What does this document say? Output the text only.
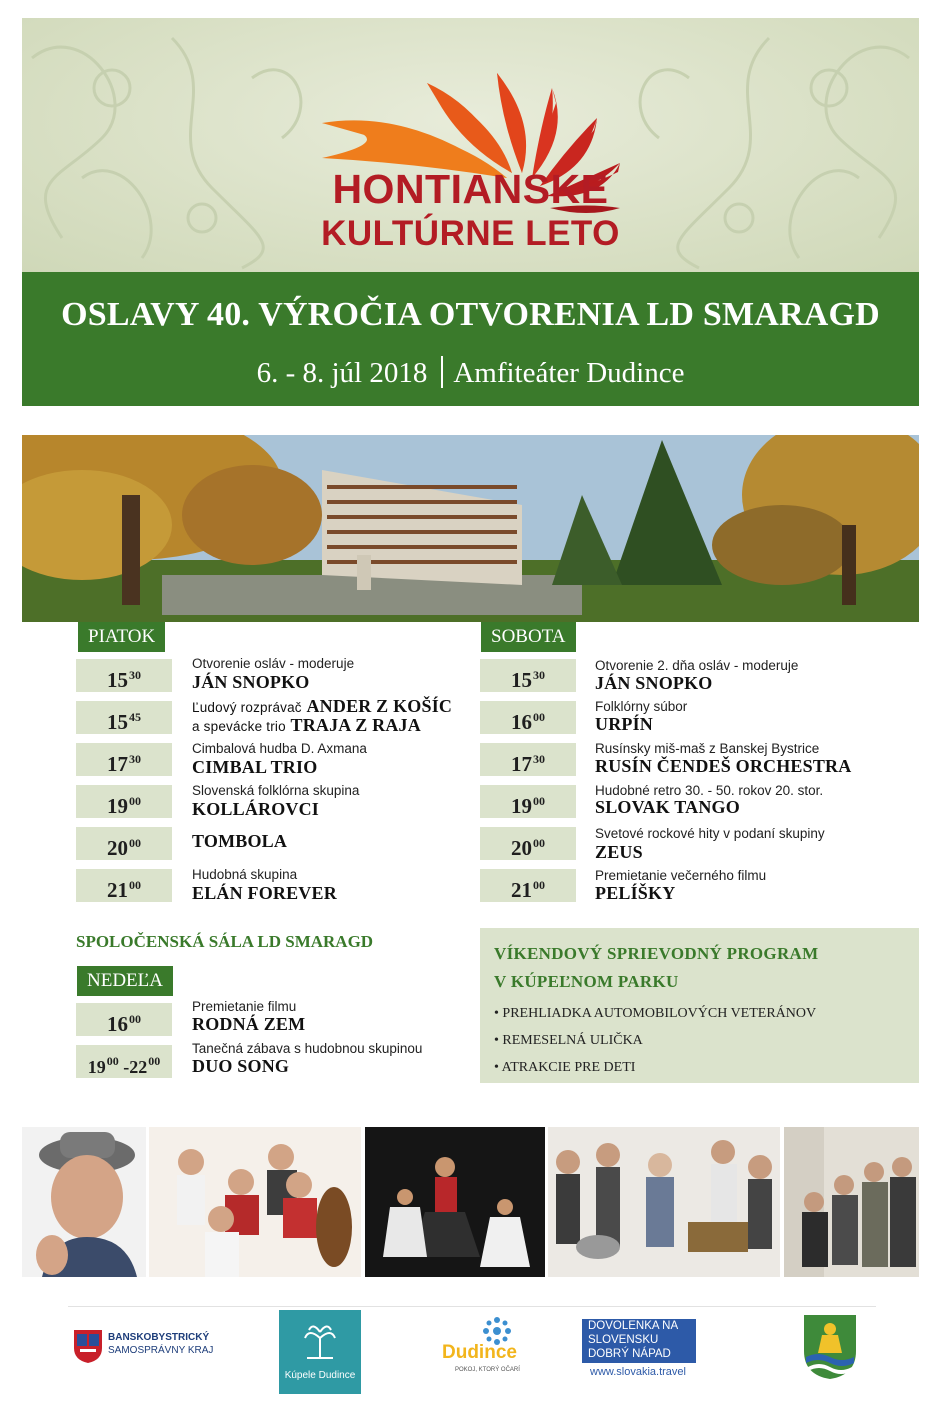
HONTIANSKE
KULTÚRNE LETO
OSLAVY 40. VÝROČIA OTVORENIA LD SMARAGD
6. - 8. júl 2018 Amfiteáter Dudince
PIATOK
$15^{30}$
Otvorenie osláv - moderuje
JÁN SNOPKO
$15^{45}$
Ľudový rozprávač ANDER Z KOŠÍC
a spevácke trio TRAJA Z RAJA
$17^{30}$
Cimbalová hudba D. Axmana
CIMBAL TRIO
$19^{00}$
Slovenská folklórna skupina
KOLLÁROVCI
$20^{00}$	TOMBOLA
$21^{00}$
Hudobná skupina
ELÁN FOREVER
SOBOTA
$15^{30}$
Otvorenie 2. dňa osláv - moderuje
JÁN SNOPKO
$16^{00}$
Folklórny súbor
URPÍN
$17^{30}$
Rusínsky miš-maš z Banskej Bystrice
RUSÍN ČENDEŠ ORCHESTRA
$19^{00}$
Hudobné retro 30. - 50. rokov 20. stor.
SLOVAK TANGO
$20^{00}$
Svetové rockové hity v podaní skupiny
ZEUS
$21^{00}$
Premietanie večerného filmu
PELÍŠKY
SPOLOČENSKÁ SÁLA LD SMARAGD
NEDEĽA
$16^{00}$
Premietanie filmu
RODNÁ ZEM
$19^{00}$ $-22^{00}$
Tanečná zábava s hudobnou skupinou
DUO SONG
VÍKENDOVÝ SPRIEVODNÝ PROGRAM
V KÚPEĽNOM PARKU
• PREHLIADKA AUTOMOBILOVÝCH VETERÁNOV
• REMESELNÁ ULIČKA
• ATRAKCIE PRE DETI
BANSKOBYSTRICKÝ
SAMOSPRÁVNY KRAJ
Kúpele Dudince
Dudince
POKOJ, KTORÝ OČARÍ
DOVOLENKA NA
SLOVENSKU
DOBRÝ NÁPAD
www.slovakia.travel
